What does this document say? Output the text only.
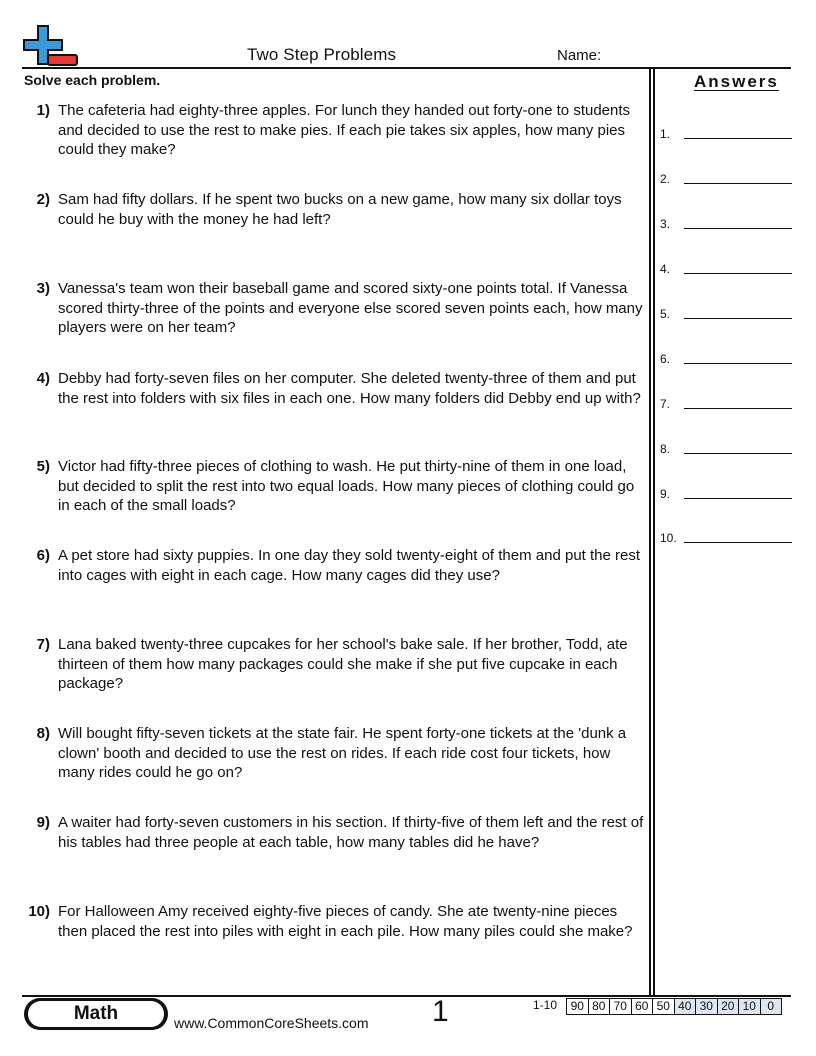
Two Step Problems	Name:
Solve each problem.	Answers
1.
2.
3.
4.
5.
6.
7.
8.
9.
10.
1) The cafeteria had eighty-three apples. For lunch they handed out forty-one to students and decided to use the rest to make pies. If each pie takes six apples, how many pies could they make?
2) Sam had fifty dollars. If he spent two bucks on a new game, how many six dollar toys could he buy with the money he had left?
3) Vanessa's team won their baseball game and scored sixty-one points total. If Vanessa scored thirty-three of the points and everyone else scored seven points each, how many players were on her team?
4) Debby had forty-seven files on her computer. She deleted twenty-three of them and put the rest into folders with six files in each one. How many folders did Debby end up with?
5) Victor had fifty-three pieces of clothing to wash. He put thirty-nine of them in one load, but decided to split the rest into two equal loads. How many pieces of clothing could go in each of the small loads?
6) A pet store had sixty puppies. In one day they sold twenty-eight of them and put the rest into cages with eight in each cage. How many cages did they use?
7) Lana baked twenty-three cupcakes for her school's bake sale. If her brother, Todd, ate thirteen of them how many packages could she make if she put five cupcake in each package?
8) Will bought fifty-seven tickets at the state fair. He spent forty-one tickets at the 'dunk a clown' booth and decided to use the rest on rides. If each ride cost four tickets, how many rides could he go on?
9) A waiter had forty-seven customers in his section. If thirty-five of them left and the rest of his tables had three people at each table, how many tables did he have?
10) For Halloween Amy received eighty-five pieces of candy. She ate twenty-nine pieces then placed the rest into piles with eight in each pile. How many piles could she make?
Math	www.CommonCoreSheets.com 1	1-10 90 80 70 60 50 40 30 20 10 0
